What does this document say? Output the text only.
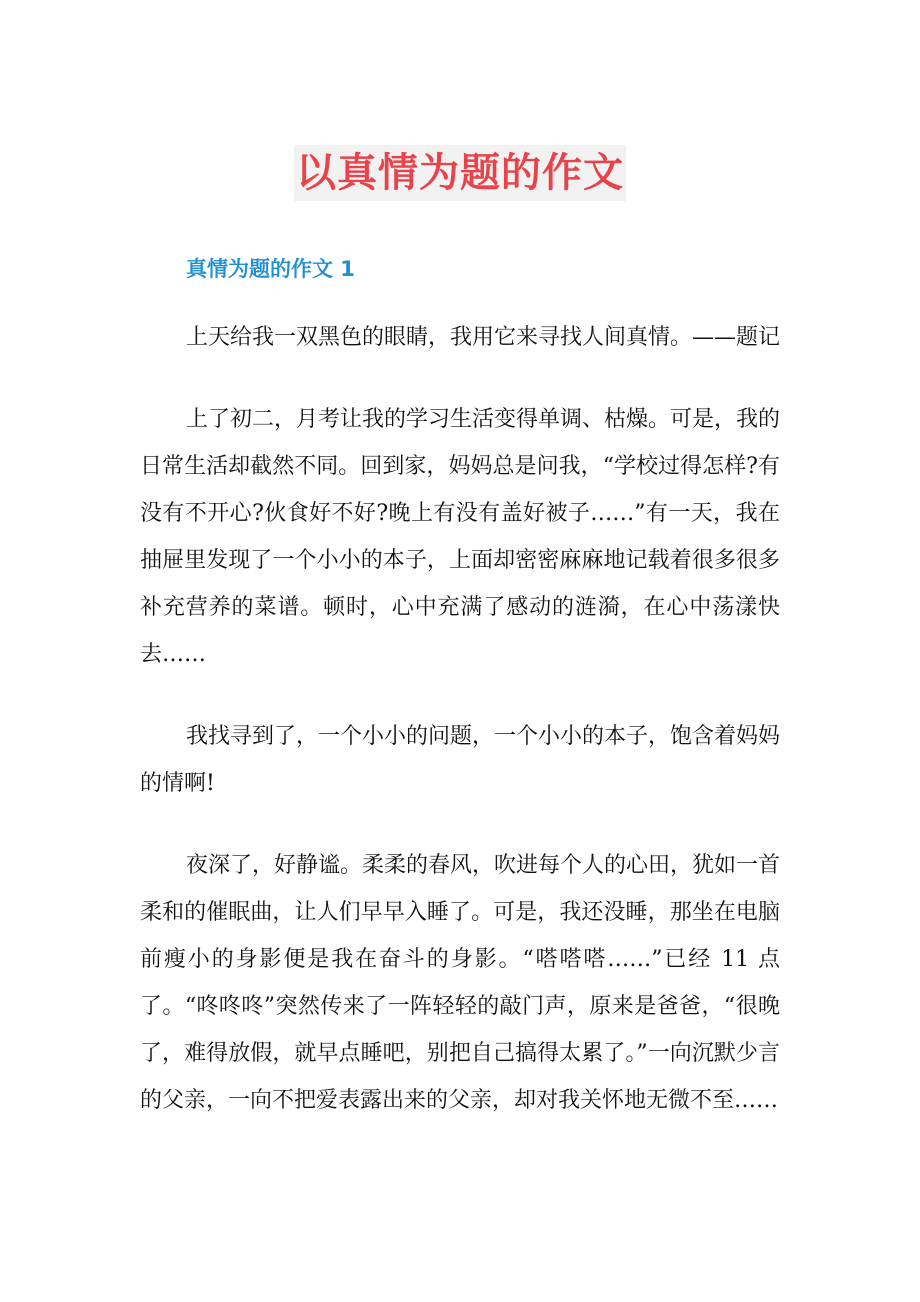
以真情为题的作文
真情为题的作文 1

上天给我一双黑色的眼睛，我用它来寻找人间真情。——题记

上了初二，月考让我的学习生活变得单调、枯燥。可是，我的日常生活却截然不同。回到家，妈妈总是问我，“学校过得怎样?有没有不开心?伙食好不好?晚上有没有盖好被子……”有一天，我在抽屉里发现了一个小小的本子，上面却密密麻麻地记载着很多很多补充营养的菜谱。顿时，心中充满了感动的涟漪，在心中荡漾快去……

我找寻到了，一个小小的问题，一个小小的本子，饱含着妈妈的情啊!

夜深了，好静谧。柔柔的春风，吹进每个人的心田，犹如一首柔和的催眠曲，让人们早早入睡了。可是，我还没睡，那坐在电脑前瘦小的身影便是我在奋斗的身影。“嗒嗒嗒……”已经 11 点了。“咚咚咚”突然传来了一阵轻轻的敲门声，原来是爸爸，“很晚了，难得放假，就早点睡吧，别把自己搞得太累了。”一向沉默少言的父亲，一向不把爱表露出来的父亲，却对我关怀地无微不至……
